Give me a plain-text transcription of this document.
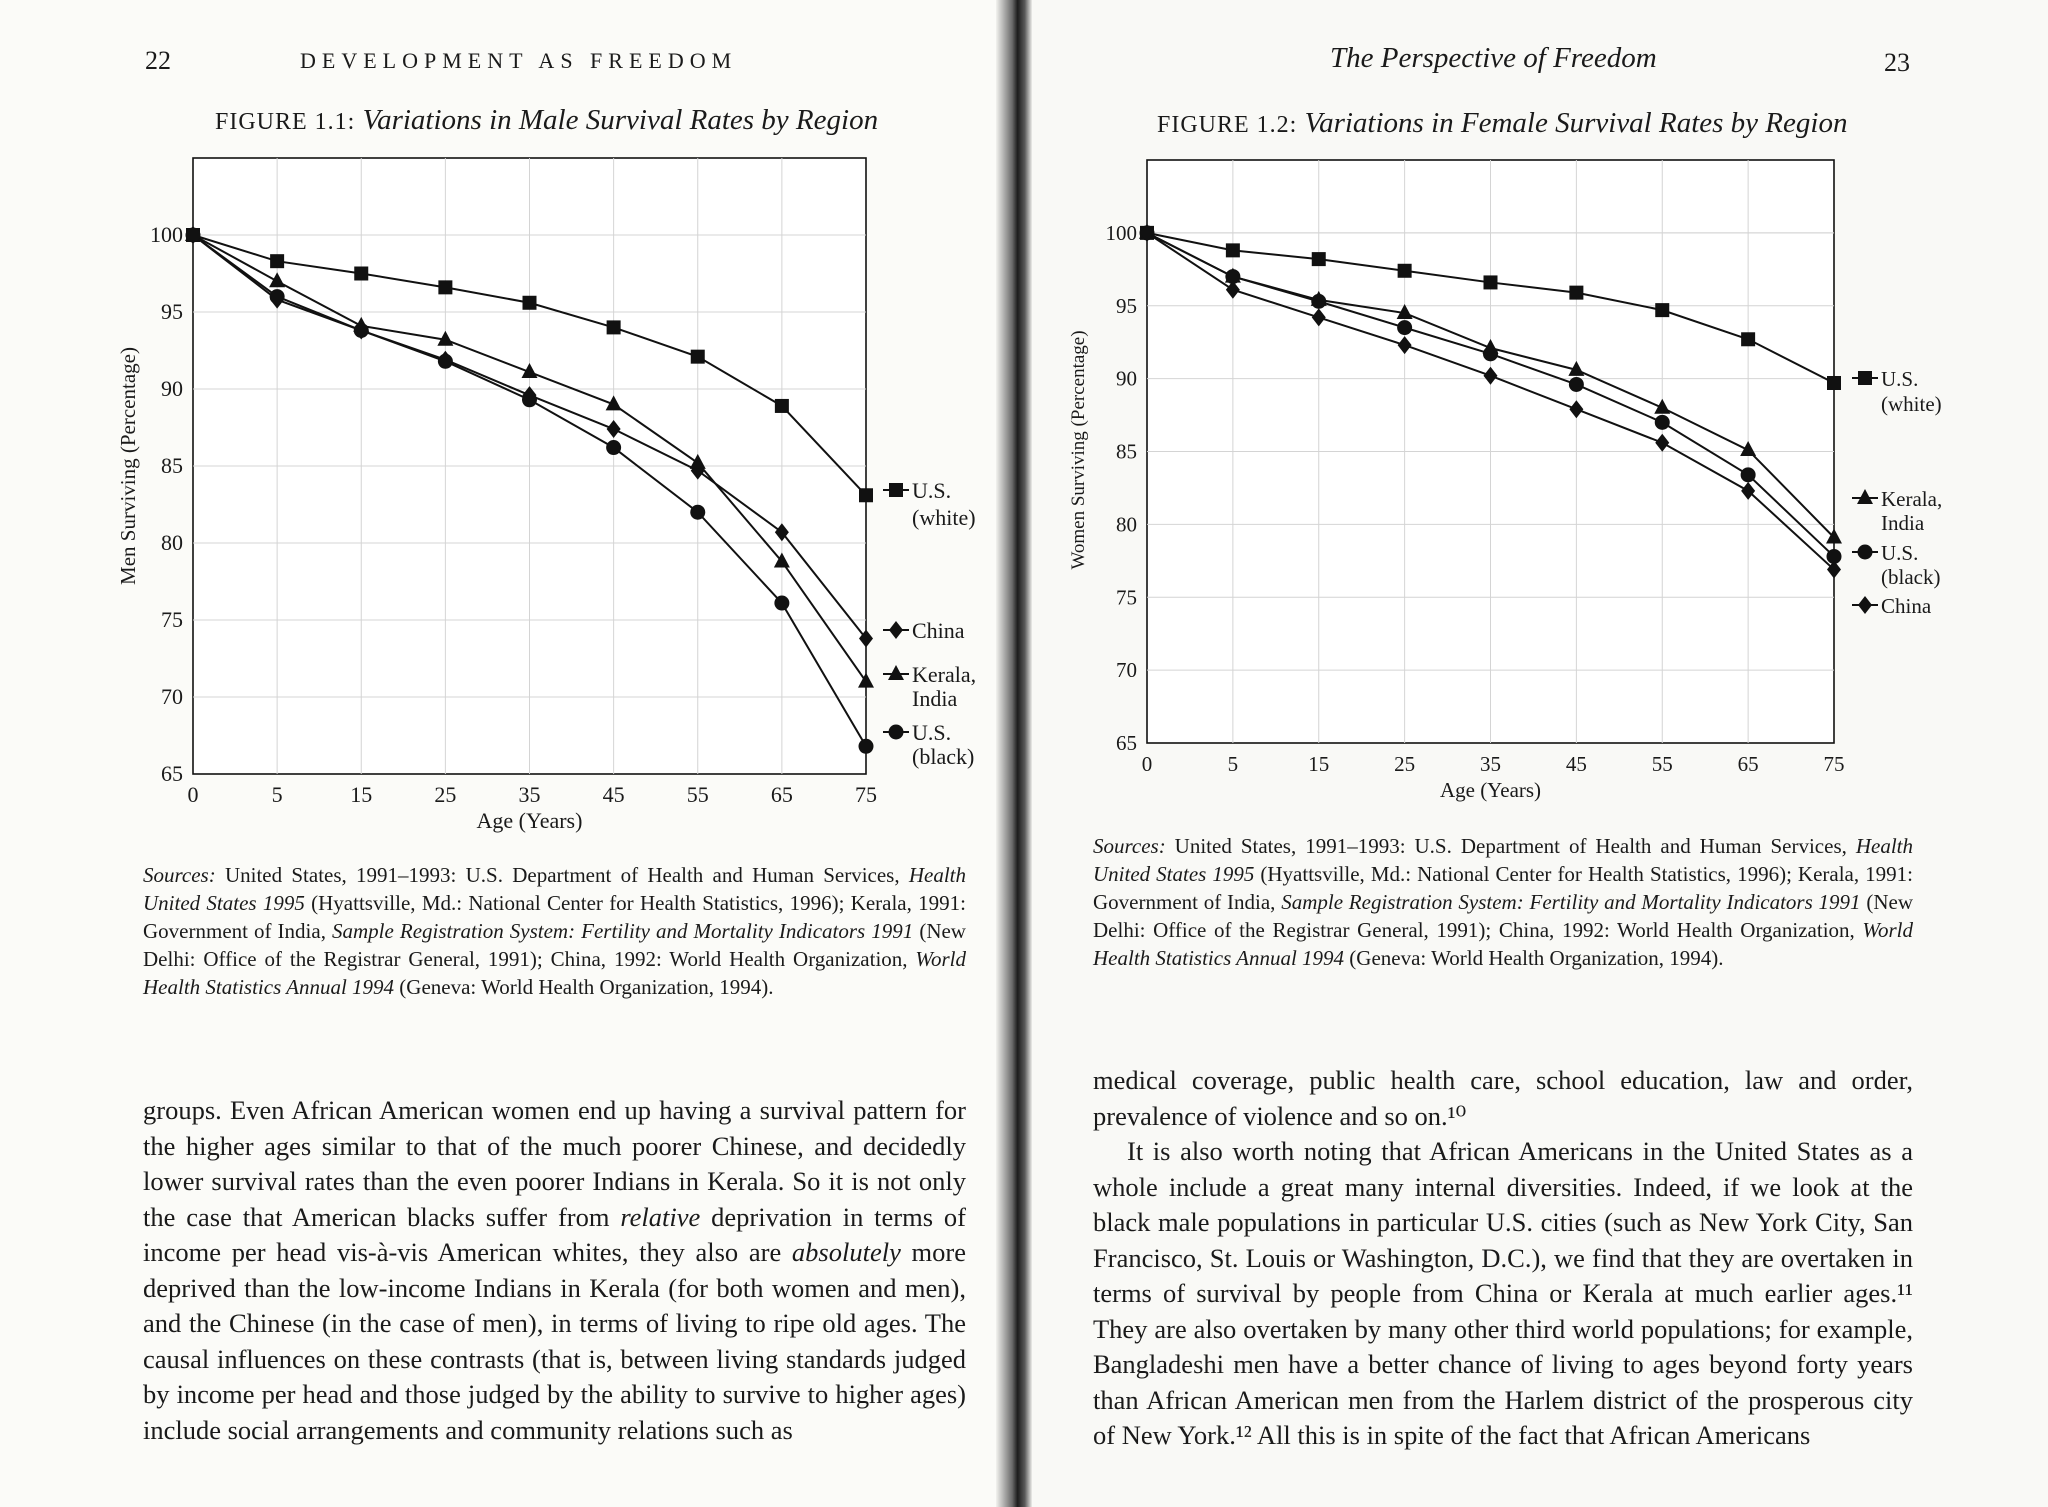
22	DEVELOPMENT AS FREEDOM	The Perspective of Freedom	23
FIGURE 1.1: Variations in Male Survival Rates by Region	FIGURE 1.2: Variations in Female Survival Rates by Region
100
95
90
85
80
75
70
65
0	5	15	25	35	45	55	65	75
Age (Years)
Men Surviving (Percentage)	U.S.
(white)
China
Kerala,
India
U.S.
(black)
100
95
90
85
80
75
70
65
0	5	15	25	35	45	55	65	75
Age (Years)
Women Surviving (Percentage)	U.S.
(white)
Kerala,
India
U.S.
(black)
China
Sources: United States, 1991–1993: U.S. Department of Health and Human Services, Health United States 1995 (Hyattsville, Md.: National Center for Health Statistics, 1996); Kerala, 1991: Government of India, Sample Registration System: Fertility and Mortality Indicators 1991 (New Delhi: Office of the Registrar General, 1991); China, 1992: World Health Organization, World Health Statistics Annual 1994 (Geneva: World Health Organization, 1994).
Sources: United States, 1991–1993: U.S. Department of Health and Human Services, Health United States 1995 (Hyattsville, Md.: National Center for Health Statistics, 1996); Kerala, 1991: Government of India, Sample Registration System: Fertility and Mortality Indicators 1991 (New Delhi: Office of the Registrar General, 1991); China, 1992: World Health Organization, World Health Statistics Annual 1994 (Geneva: World Health Organization, 1994).

groups. Even African American women end up having a survival pattern for the higher ages similar to that of the much poorer Chinese, and decidedly lower survival rates than the even poorer Indians in Kerala. So it is not only the case that American blacks suffer from relative deprivation in terms of income per head vis-à-vis American whites, they also are absolutely more deprived than the low-income Indians in Kerala (for both women and men), and the Chinese (in the case of men), in terms of living to ripe old ages. The causal influences on these contrasts (that is, between living standards judged by income per head and those judged by the ability to survive to higher ages) include social arrangements and community relations such as

medical coverage, public health care, school education, law and order, prevalence of violence and so on.¹⁰

It is also worth noting that African Americans in the United States as a whole include a great many internal diversities. Indeed, if we look at the black male populations in particular U.S. cities (such as New York City, San Francisco, St. Louis or Washington, D.C.), we find that they are overtaken in terms of survival by people from China or Kerala at much earlier ages.¹¹ They are also overtaken by many other third world populations; for example, Bangladeshi men have a better chance of living to ages beyond forty years than African American men from the Harlem district of the prosperous city of New York.¹² All this is in spite of the fact that African Americans
